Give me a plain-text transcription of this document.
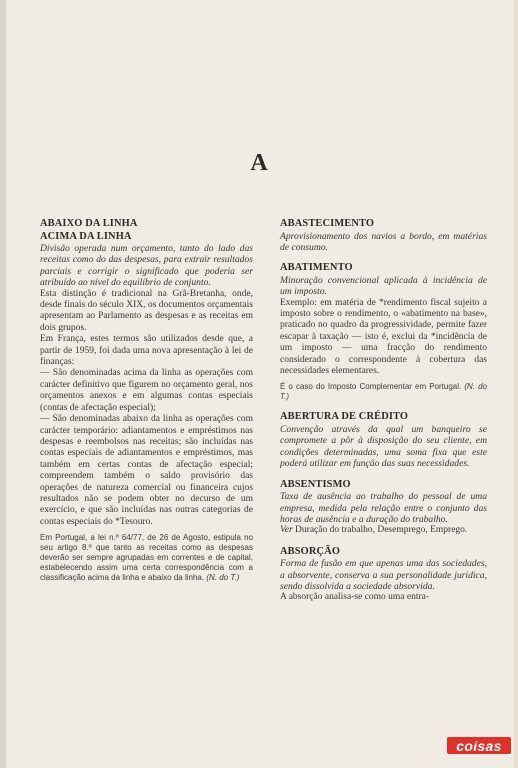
A
ABAIXO DA LINHA
ACIMA DA LINHA

Divisão operada num orçamento, tanto do lado das receitas como do das despesas, para extrair resultados parciais e corrigir o significado que poderia ser atribuído ao nível do equilíbrio de conjunto.

Esta distinção é tradicional na Grã-Bretanha, onde, desde finais do século XIX, os documentos orçamentais apresentam ao Parlamento as despesas e as receitas em dois grupos.

Em França, estes termos são utilizados desde que, a partir de 1959, foi dada uma nova apresentação à lei de finanças:

— São denominadas acima da linha as operações com carácter definitivo que figurem no orçamento geral, nos orçamentos anexos e em algumas contas especiais (contas de afectação especial);

— São denominadas abaixo da linha as operações com carácter temporário: adiantamentos e empréstimos nas despesas e reembolsos nas receitas; são incluídas nas contas especiais de adiantamentos e empréstimos, mas também em certas contas de afectação especial; compreendem também o saldo provisório das operações de natureza comercial ou financeira cujos resultados não se podem obter no decurso de um exercício, e que são incluídas nas outras categorias de contas especiais do *Tesouro.

Em Portugal, a lei n.º 64/77, de 26 de Agosto, estipula no seu artigo 8.º que tanto as receitas como as despesas deverão ser sempre agrupadas em correntes e de capital, estabelecendo assim uma certa correspondência com a classificação acima da linha e abaixo da linha. (N. do T.)

ABASTECIMENTO

Aprovisionamento dos navios a bordo, em matérias de consumo.

ABATIMENTO

Minoração convencional aplicada à incidência de um imposto.

Exemplo: em matéria de *rendimento fiscal sujeito a imposto sobre o rendimento, o «abatimento na base», praticado no quadro da progressividade, permite fazer escapar à taxação — isto é, exclui da *incidência de um imposto — uma fracção do rendimento considerado o correspondente à cobertura das necessidades elementares.

É o caso do Imposto Complementar em Portugal. (N. do T.)

ABERTURA DE CRÉDITO

Convenção através da qual um banqueiro se compromete a pôr à disposição do seu cliente, em condições determinadas, uma soma fixa que este poderá utilizar em função das suas necessidades.

ABSENTISMO

Taxa de ausência ao trabalho do pessoal de uma empresa, medida pela relação entre o conjunto das horas de ausência e a duração do trabalho.

Ver Duração do trabalho, Desemprego, Emprego.

ABSORÇÃO

Forma de fusão em que apenas uma das sociedades, a absorvente, conserva a sua personalidade jurídica, sendo dissolvida a sociedade absorvida.

A absorção analisa-se como uma entra-

coisas
